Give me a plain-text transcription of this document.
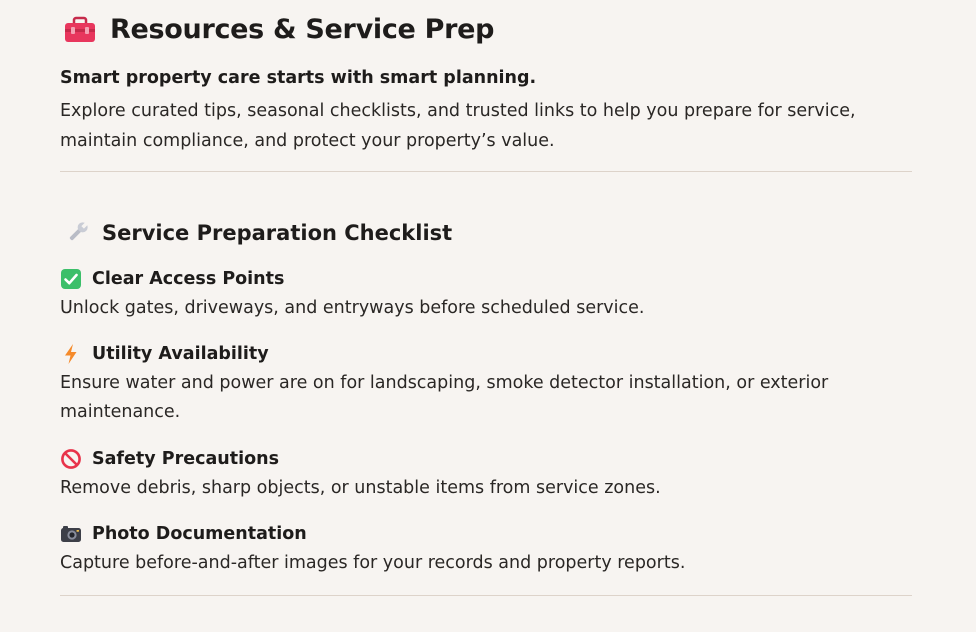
Resources & Service Prep
Smart property care starts with smart planning.
Explore curated tips, seasonal checklists, and trusted links to help you prepare for service, maintain compliance, and protect your property’s value.
Service Preparation Checklist
Clear Access Points
Unlock gates, driveways, and entryways before scheduled service.
Utility Availability
Ensure water and power are on for landscaping, smoke detector installation, or exterior maintenance.
Safety Precautions
Remove debris, sharp objects, or unstable items from service zones.
Photo Documentation
Capture before-and-after images for your records and property reports.
